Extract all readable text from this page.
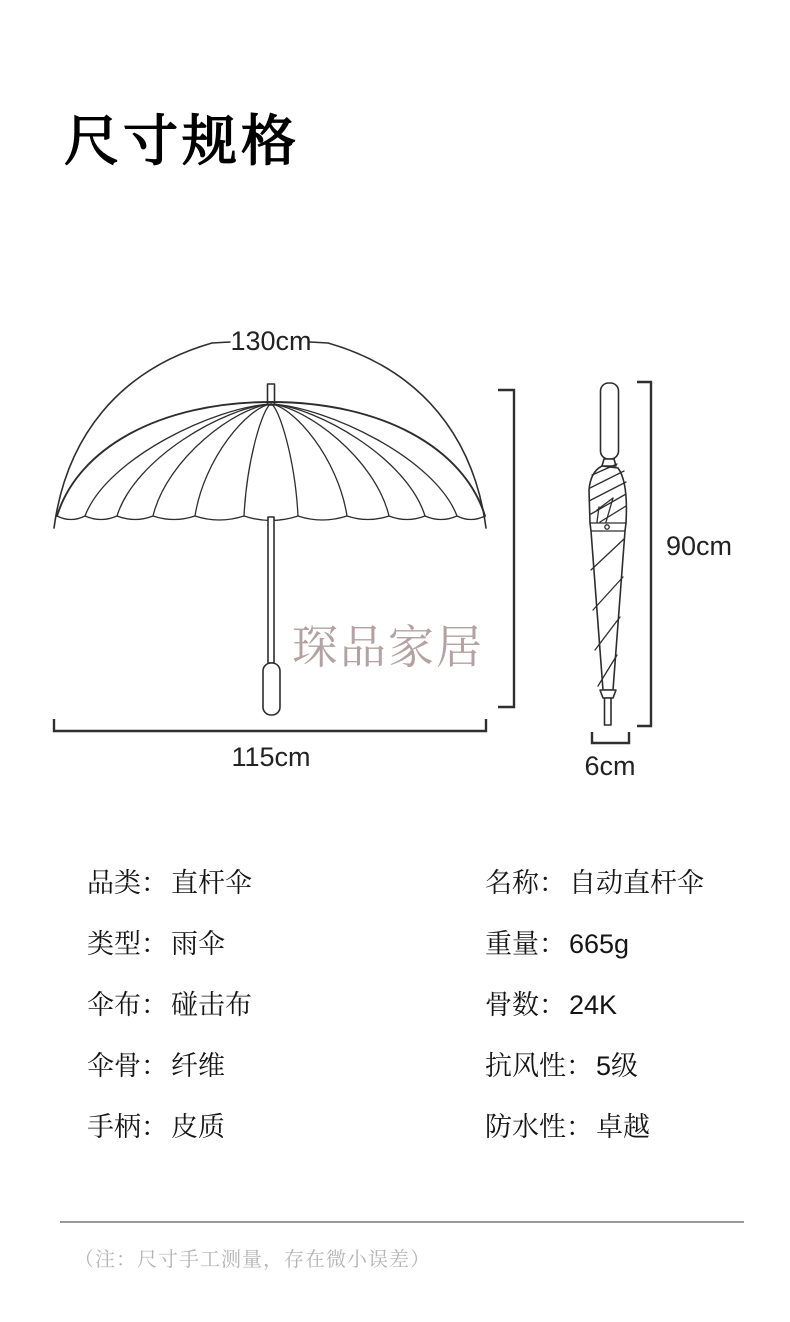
尺寸规格
130cm
115cm
90cm
6cm
琛品家居
品类： 直杆伞
类型： 雨伞
伞布： 碰击布
伞骨： 纤维
手柄： 皮质
名称： 自动直杆伞
重量： 665g
骨数： 24K
抗风性： 5级
防水性： 卓越
（注：尺寸手工测量，存在微小误差）
